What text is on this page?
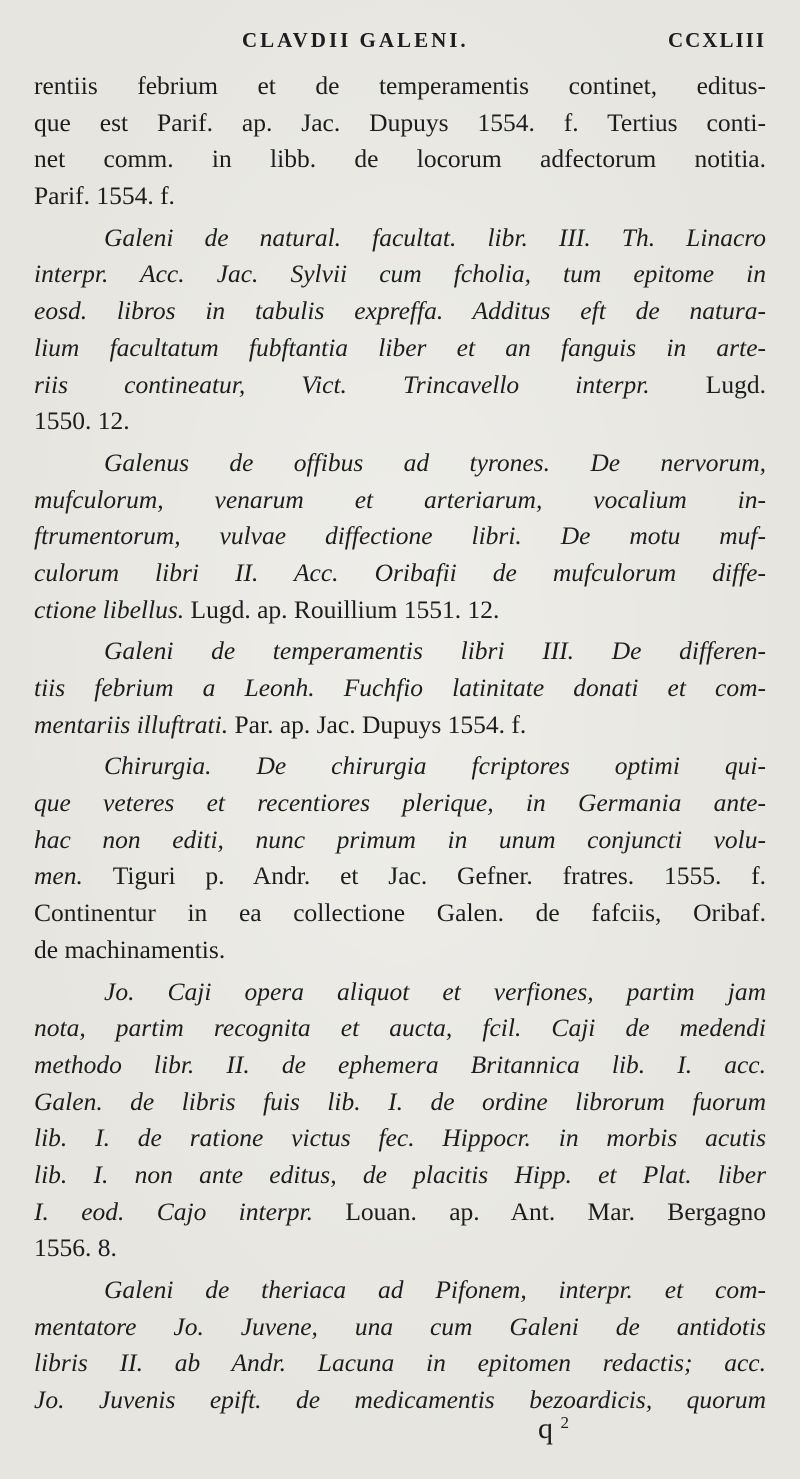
CLAVDII GALENI.	CCXLIII
rentiis febrium et de temperamentis continet, editus-
que est Parif. ap. Jac. Dupuys 1554. f. Tertius conti-
net comm. in libb. de locorum adfectorum notitia.
Parif. 1554. f.
Galeni de natural. facultat. libr. III. Th. Linacro
interpr. Acc. Jac. Sylvii cum fcholia, tum epitome in
eosd. libros in tabulis expreffa. Additus eft de natura-
lium facultatum fubftantia liber et an fanguis in arte-
riis contineatur, Vict. Trincavello interpr. Lugd.
1550. 12.
Galenus de offibus ad tyrones. De nervorum,
mufculorum, venarum et arteriarum, vocalium in-
ftrumentorum, vulvae diffectione libri. De motu muf-
culorum libri II. Acc. Oribafii de mufculorum diffe-
ctione libellus. Lugd. ap. Rouillium 1551. 12.
Galeni de temperamentis libri III. De differen-
tiis febrium a Leonh. Fuchfio latinitate donati et com-
mentariis illuftrati. Par. ap. Jac. Dupuys 1554. f.
Chirurgia. De chirurgia fcriptores optimi qui-
que veteres et recentiores plerique, in Germania ante-
hac non editi, nunc primum in unum conjuncti volu-
men. Tiguri p. Andr. et Jac. Gefner. fratres. 1555. f.
Continentur in ea collectione Galen. de fafciis, Oribaf.
de machinamentis.
Jo. Caji opera aliquot et verfiones, partim jam
nota, partim recognita et aucta, fcil. Caji de medendi
methodo libr. II. de ephemera Britannica lib. I. acc.
Galen. de libris fuis lib. I. de ordine librorum fuorum
lib. I. de ratione victus fec. Hippocr. in morbis acutis
lib. I. non ante editus, de placitis Hipp. et Plat. liber
I. eod. Cajo interpr. Louan. ap. Ant. Mar. Bergagno
1556. 8.
Galeni de theriaca ad Pifonem, interpr. et com-
mentatore Jo. Juvene, una cum Galeni de antidotis
libris II. ab Andr. Lacuna in epitomen redactis; acc.
Jo. Juvenis epift. de medicamentis bezoardicis, quorum
q $^2$
